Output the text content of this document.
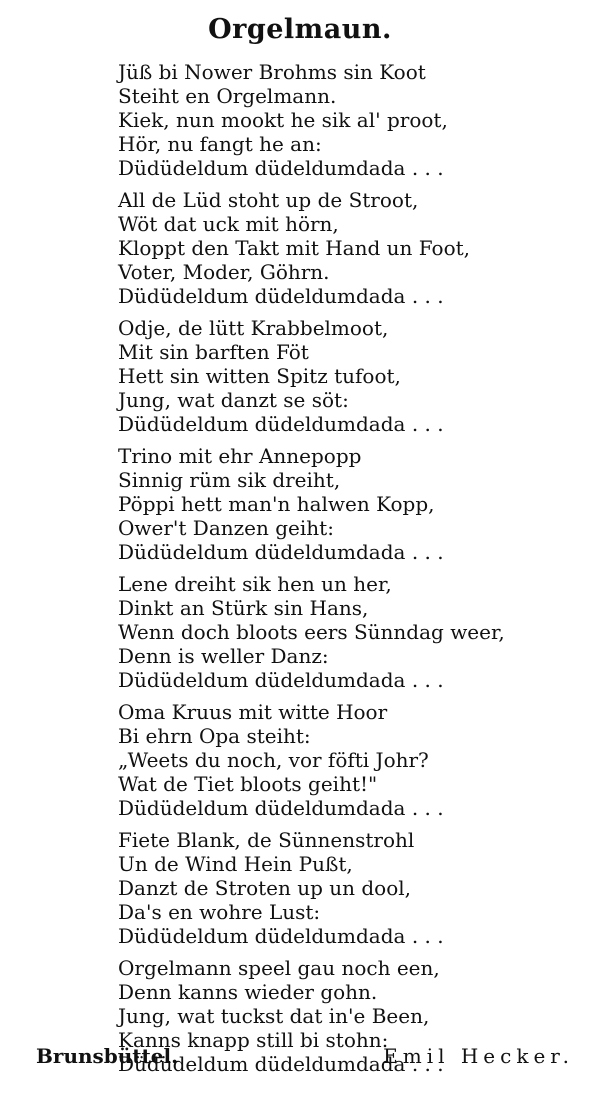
Orgelmaun.
Jüß bi Nower Brohms sin Koot
Steiht en Orgelmann.
Kiek, nun mookt he sik al' proot,
Hör, nu fangt he an:
Düdüdeldum düdeldumdada . . .
All de Lüd stoht up de Stroot,
Wöt dat uck mit hörn,
Kloppt den Takt mit Hand un Foot,
Voter, Moder, Göhrn.
Düdüdeldum düdeldumdada . . .
Odje, de lütt Krabbelmoot,
Mit sin barften Föt
Hett sin witten Spitz tufoot,
Jung, wat danzt se söt:
Düdüdeldum düdeldumdada . . .
Trino mit ehr Annepopp
Sinnig rüm sik dreiht,
Pöppi hett man'n halwen Kopp,
Ower't Danzen geiht:
Düdüdeldum düdeldumdada . . .
Lene dreiht sik hen un her,
Dinkt an Stürk sin Hans,
Wenn doch bloots eers Sünndag weer,
Denn is weller Danz:
Düdüdeldum düdeldumdada . . .
Oma Kruus mit witte Hoor
Bi ehrn Opa steiht:
„Weets du noch, vor föfti Johr?
Wat de Tiet bloots geiht!"
Düdüdeldum düdeldumdada . . .
Fiete Blank, de Sünnenstrohl
Un de Wind Hein Pußt,
Danzt de Stroten up un dool,
Da's en wohre Lust:
Düdüdeldum düdeldumdada . . .
Orgelmann speel gau noch een,
Denn kanns wieder gohn.
Jung, wat tuckst dat in'e Been,
Kanns knapp still bi stohn:
Düdüdeldum düdeldumdada . . .
Brunsbüttel.	Emil Hecker.
